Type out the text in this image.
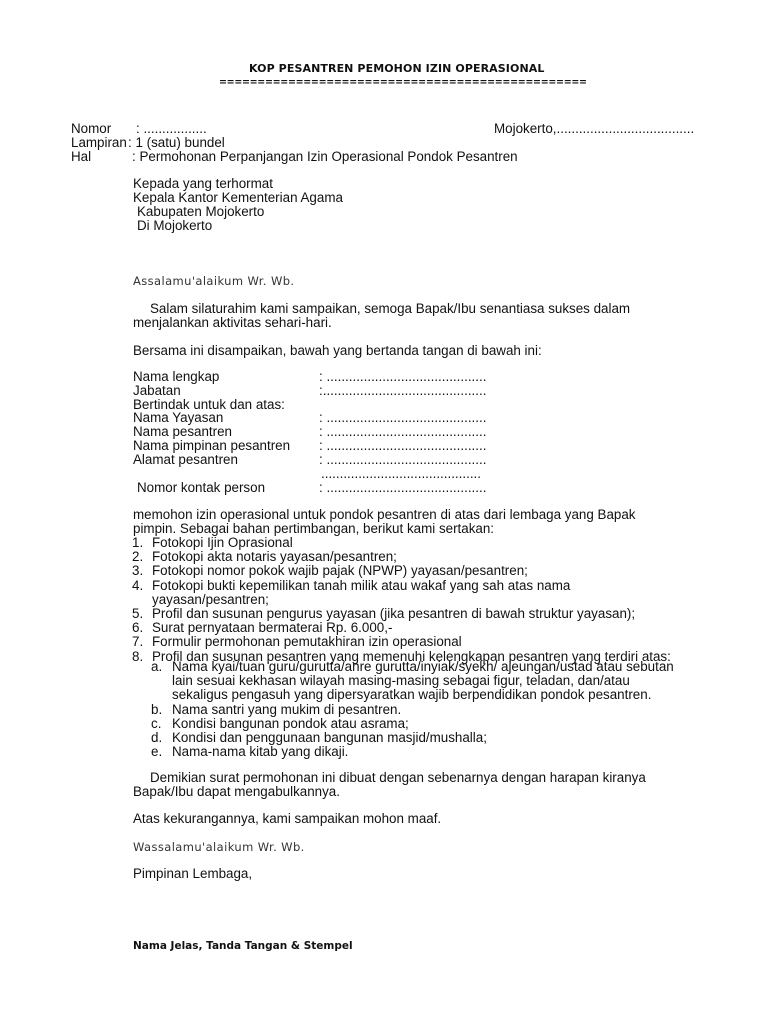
KOP PESANTREN PEMOHON IZIN OPERASIONAL
================================================
Nomor : .................	Mojokerto,.....................................
Lampiran : 1 (satu) bundel
Hal	: Permohonan Perpanjangan Izin Operasional Pondok Pesantren
Kepada yang terhormat
Kepala Kantor Kementerian Agama
Kabupaten Mojokerto
Di Mojokerto
Assalamu'alaikum Wr. Wb.
Salam silaturahim kami sampaikan, semoga Bapak/Ibu senantiasa sukses dalam
menjalankan aktivitas sehari-hari.
Bersama ini disampaikan, bawah yang bertanda tangan di bawah ini:
Nama lengkap	: ...........................................
Jabatan	:............................................
Bertindak untuk dan atas:
Nama Yayasan	: ...........................................
Nama pesantren	: ...........................................
Nama pimpinan pesantren : ...........................................
Alamat pesantren	: ...........................................
...........................................
Nomor kontak person	: ...........................................
memohon izin operasional untuk pondok pesantren di atas dari lembaga yang Bapak
pimpin. Sebagai bahan pertimbangan, berikut kami sertakan:
1. Fotokopi Ijin Oprasional
2. Fotokopi akta notaris yayasan/pesantren;
3. Fotokopi nomor pokok wajib pajak (NPWP) yayasan/pesantren;
4. Fotokopi bukti kepemilikan tanah milik atau wakaf yang sah atas nama
yayasan/pesantren;
5. Profil dan susunan pengurus yayasan (jika pesantren di bawah struktur yayasan);
6. Surat pernyataan bermaterai Rp. 6.000,-
7. Formulir permohonan pemutakhiran izin operasional
8. Profil dan susunan pesantren yang memenuhi kelengkapan pesantren yang terdiri atas:
a. Nama kyai/tuan guru/gurutta/anre gurutta/inyiak/syekh/ ajeungan/ustad atau sebutan
lain sesuai kekhasan wilayah masing-masing sebagai figur, teladan, dan/atau
sekaligus pengasuh yang dipersyaratkan wajib berpendidikan pondok pesantren.
b. Nama santri yang mukim di pesantren.
c. Kondisi bangunan pondok atau asrama;
d. Kondisi dan penggunaan bangunan masjid/mushalla;
e. Nama-nama kitab yang dikaji.
Demikian surat permohonan ini dibuat dengan sebenarnya dengan harapan kiranya
Bapak/Ibu dapat mengabulkannya.
Atas kekurangannya, kami sampaikan mohon maaf.
Wassalamu'alaikum Wr. Wb.
Pimpinan Lembaga,
Nama Jelas, Tanda Tangan & Stempel
